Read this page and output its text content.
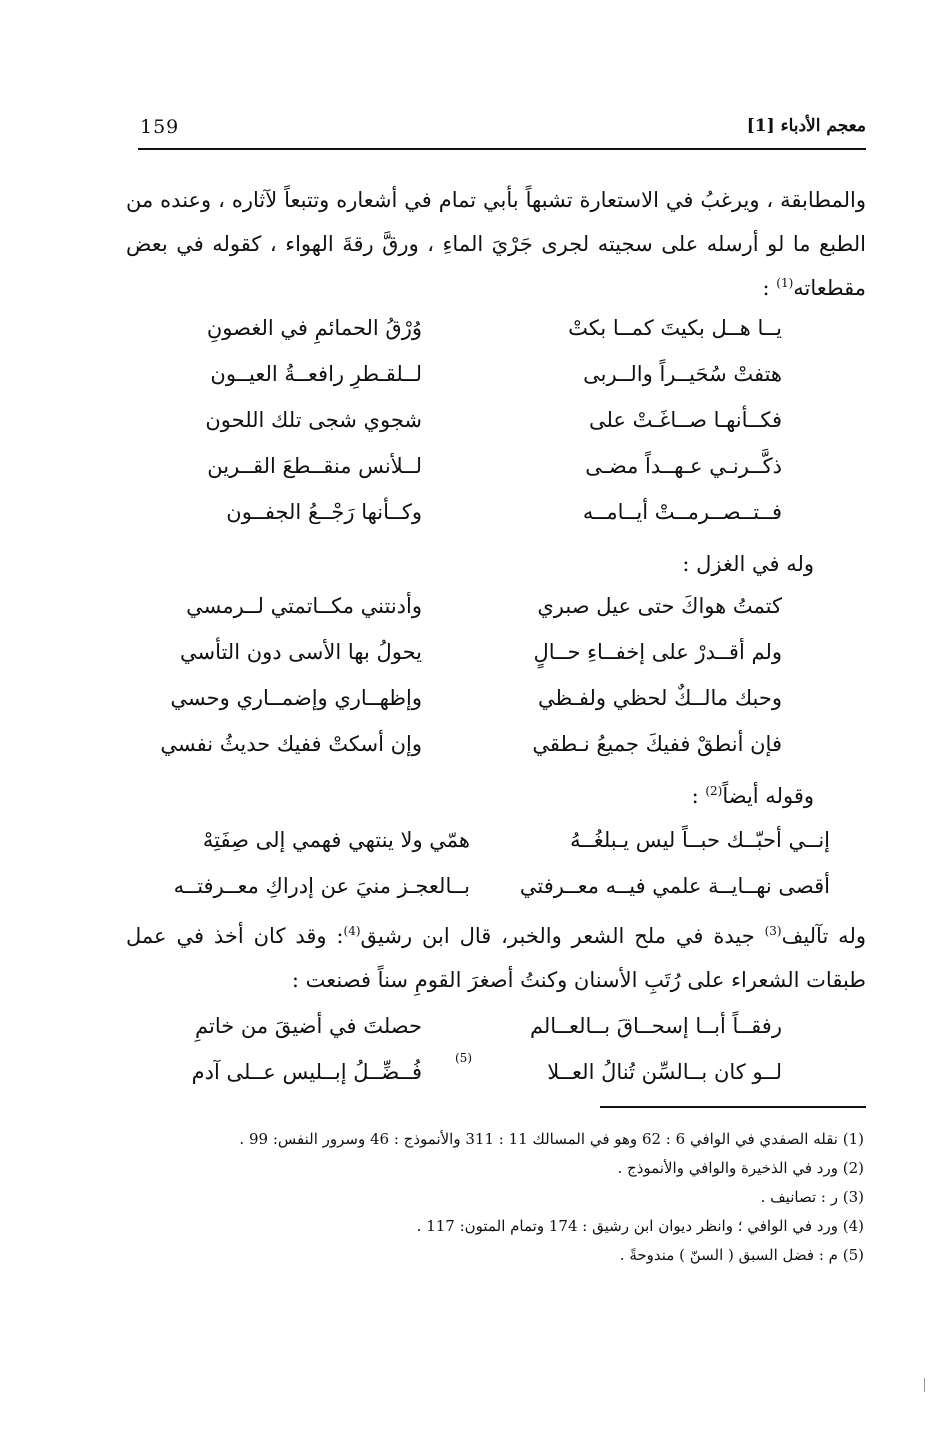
معجم الأدباء [1]
159
والمطابقة ، ويرغبُ في الاستعارة تشبهاً بأبي تمام في أشعاره وتتبعاً لآثاره ، وعنده من الطبع ما لو أرسله على سجيته لجرى جَرْيَ الماءِ ، ورقَّ رقةَ الهواء ، كقوله في بعض مقطعاته$^{(1)}$ :
يــا هــل بكيتَ كمــا بكتْ
وُرْقُ الحمائمِ في الغصونِ
هتفتْ سُحَيــراً والــربى
لــلقـطرِ رافعــةُ العيــون
فكــأنهـا صــاغَـتْ على
شجوي شجى تلك اللحون
ذكَّــرنـي عـهــداً مضـى
لــلأنس منقــطعَ القــرين
فــتــصــرمــتْ أيــامــه
وكــأنها رَجْــعُ الجفــون
وله في الغزل :
كتمتُ هواكَ حتى عيل صبري
وأدنتني مكــاتمتي لــرمسي
ولم أقــدرْ على إخفــاءِ حــالٍ
يحولُ بها الأسى دون التأسي
وحبك مالــكٌ لحظي ولفـظي
وإظهــاري وإضمــاري وحسي
فإن أنطقْ ففيكَ جميعُ نـطقي
وإن أسكتْ ففيك حديثُ نفسي
وقوله أيضاً$^{(2)}$ :
إنــي أحبّــك حبــاً ليس يـبلغُــهُ
همّي ولا ينتهي فهمي إلى صِفَتِهْ
أقصى نهــايــة علمي فيــه معــرفتي
بــالعجـز منيَ عن إدراكِ معــرفتــه
وله تآليف$^{(3)}$ جيدة في ملح الشعر والخبر، قال ابن رشيق$^{(4)}$: وقد كان أخذ في عمل طبقات الشعراء على رُتَبِ الأسنان وكنتُ أصغرَ القومِ سناً فصنعت :
رفقــاً أبــا إسحــاقَ بــالعــالم
حصلتَ في أضيقَ من خاتمِ
لــو كان بــالسِّن تُنالُ العــلا
فُــضِّــلُ إبــليس عــلى آدم
(5)
(1) نقله الصفدي في الوافي 6 : 62 وهو في المسالك 11 : 311 والأنموذج : 46 وسرور النفس: 99 .
(2) ورد في الذخيرة والوافي والأنموذج .
(3) ر : تصانيف .
(4) ورد في الوافي ؛ وانظر ديوان ابن رشيق : 174 وتمام المتون: 117 .
(5) م : فضل السبق ( السنّ ) مندوحةً .
